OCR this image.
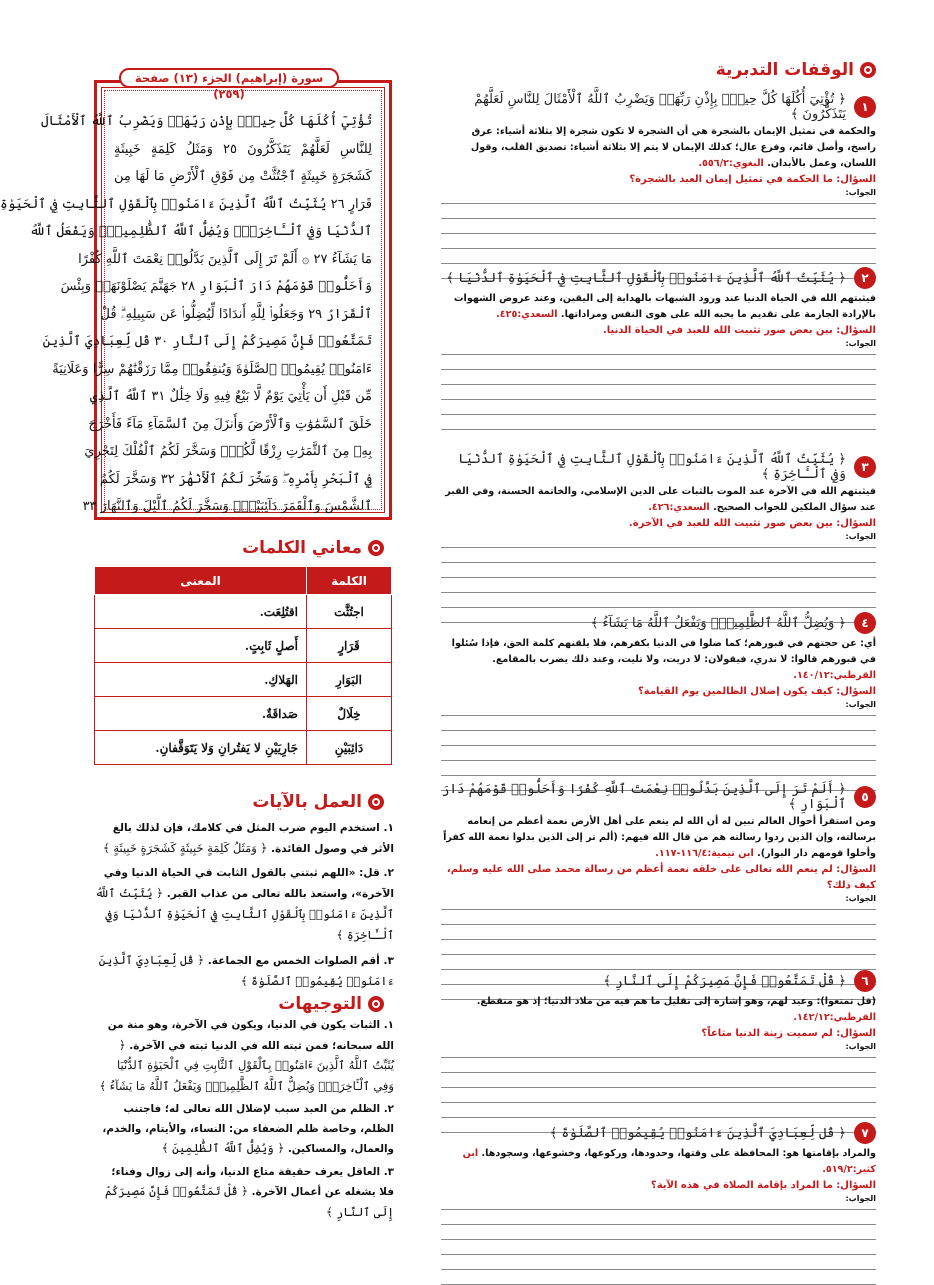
الوقفات التدبرية
١
﴿ تُؤْتِيٓ أُكُلَهَا كُلَّ حِينِۭ بِإِذْنِ رَبِّهَاۗ وَيَضْرِبُ ٱللَّهُ ٱلْأَمْثَالَ لِلنَّاسِ لَعَلَّهُمْ يَتَذَكَّرُونَ ﴾

والحكمة في تمثيل الإيمان بالشجرة هي أن الشجرة لا تكون شجرة إلا بثلاثة أشياء: عرق راسخ، وأصل قائم، وفرع عال؛ كذلك الإيمان لا يتم إلا بثلاثة أشياء: تصديق القلب، وقول اللسان، وعمل بالأبدان. البغوي:٥٥٦/٢.

السؤال: ما الحكمة في تمثيل إيمان العبد بالشجرة؟

الجواب:

٢
﴿ يُثَبِّتُ ٱللَّهُ ٱلَّذِينَ ءَامَنُوا۟ بِٱلْقَوْلِ ٱلثَّابِتِ فِي ٱلْحَيَوٰةِ ٱلدُّنْيَا ﴾

فيثبتهم الله في الحياة الدنيا عند ورود الشبهات بالهداية إلى اليقين، وعند عروض الشهوات بالإرادة الجازمة على تقديم ما يحبه الله على هوى النفس ومراداتها. السعدي:٤٢٥.

السؤال: بين بعض صور تثبيت الله للعبد في الحياة الدنيا.

الجواب:

٣
﴿ يُثَبِّتُ ٱللَّهُ ٱلَّذِينَ ءَامَنُوا۟ بِٱلْقَوْلِ ٱلثَّابِتِ فِي ٱلْحَيَوٰةِ ٱلدُّنْيَا وَفِي ٱلْـَٔاخِرَةِ ﴾

فيثبتهم الله في الآخرة عند الموت بالثبات على الدين الإسلامي، والخاتمة الحسنة، وفي القبر عند سؤال الملكين للجواب الصحيح. السعدي:٤٢٦.

السؤال: بين بعض صور تثبيت الله للعبد في الآخرة.

الجواب:

٤
﴿ وَيُضِلُّ ٱللَّهُ ٱلظَّٰلِمِينَۚ وَيَفْعَلُ ٱللَّهُ مَا يَشَآءُ ﴾

أي: عن حجتهم في قبورهم؛ كما ضلوا في الدنيا بكفرهم، فلا يلقنهم كلمة الحق، فإذا سُئلوا في قبورهم قالوا: لا ندري، فيقولان: لا دريت، ولا تليت، وعند ذلك يضرب بالمقامع. القرطبي:١٤٠/١٢.

السؤال: كيف يكون إضلال الظالمين يوم القيامة؟

الجواب:

٥
﴿ أَلَمْ تَرَ إِلَى ٱلَّذِينَ بَدَّلُوا۟ نِعْمَتَ ٱللَّهِ كُفْرًا وَأَحَلُّوا۟ قَوْمَهُمْ دَارَ ٱلْبَوَارِ ﴾

ومن استقرأ أحوال العالم تبين له أن الله لم ينعم على أهل الأرض نعمة أعظم من إنعامه برسالته، وإن الذين ردوا رسالته هم من قال الله فيهم: (ألم تر إلى الذين بدلوا نعمة الله كفراً وأحلوا قومهم دار البوار). ابن تيمية:١١٦/٤-١١٧.

السؤال: لم ينعم الله تعالى على خلقه نعمة أعظم من رسالة محمد صلى الله عليه وسلم، كيف ذلك؟

الجواب:

٦
﴿ قُلْ تَمَتَّعُوا۟ فَإِنَّ مَصِيرَكُمْ إِلَى ٱلنَّارِ ﴾

(قل تمتعوا): وعيد لهم، وهو إشارة إلى تقليل ما هم فيه من ملاذ الدنيا؛ إذ هو منقطع. القرطبي:١٤٢/١٢.

السؤال: لم سميت زينة الدنيا متاعاً؟

الجواب:

٧
﴿ قُل لِّعِبَادِيَ ٱلَّذِينَ ءَامَنُوا۟ يُقِيمُوا۟ ٱلصَّلَوٰةَ ﴾

والمراد بإقامتها هو: المحافظة على وقتها، وحدودها، وركوعها، وخشوعها، وسجودها. ابن كثير:٥١٩/٢.

السؤال: ما المراد بإقامة الصلاة في هذه الآية؟

الجواب:

سورة (إبراهيم) الجزء (١٣) صفحة (٢٥٩)
تُؤْتِيٓ أُكُلَهَا كُلَّ حِينِۭ بِإِذْنِ رَبِّهَاۗ وَيَضْرِبُ ٱللَّهُ ٱلْأَمْثَالَ
لِلنَّاسِ لَعَلَّهُمْ يَتَذَكَّرُونَ ٢٥ وَمَثَلُ كَلِمَةٍ خَبِيثَةٍ
كَشَجَرَةٍ خَبِيثَةٍ ٱجْتُثَّتْ مِن فَوْقِ ٱلْأَرْضِ مَا لَهَا مِن
قَرَارٍ ٢٦ يُثَبِّتُ ٱللَّهُ ٱلَّذِينَ ءَامَنُوا۟ بِٱلْقَوْلِ ٱلثَّابِتِ فِي ٱلْحَيَوٰةِ
ٱلدُّنْيَا وَفِي ٱلْـَٔاخِرَةِۖ وَيُضِلُّ ٱللَّهُ ٱلظَّٰلِمِينَۚ وَيَفْعَلُ ٱللَّهُ
مَا يَشَآءُ ٢٧ ۞ أَلَمْ تَرَ إِلَى ٱلَّذِينَ بَدَّلُوا۟ نِعْمَتَ ٱللَّهِ كُفْرًا
وَأَحَلُّوا۟ قَوْمَهُمْ دَارَ ٱلْبَوَارِ ٢٨ جَهَنَّمَ يَصْلَوْنَهَاۖ وَبِئْسَ
ٱلْقَرَارُ ٢٩ وَجَعَلُوا۟ لِلَّهِ أَندَادًا لِّيُضِلُّوا۟ عَن سَبِيلِهِۦۗ قُلْ
تَمَتَّعُوا۟ فَإِنَّ مَصِيرَكُمْ إِلَى ٱلنَّارِ ٣٠ قُل لِّعِبَادِيَ ٱلَّذِينَ
ءَامَنُوا۟ يُقِيمُوا۟ ٱلصَّلَوٰةَ وَيُنفِقُوا۟ مِمَّا رَزَقْنَٰهُمْ سِرًّا وَعَلَانِيَةً
مِّن قَبْلِ أَن يَأْتِيَ يَوْمٌ لَّا بَيْعٌ فِيهِ وَلَا خِلَٰلٌ ٣١ ٱللَّهُ ٱلَّذِي
خَلَقَ ٱلسَّمَٰوَٰتِ وَٱلْأَرْضَ وَأَنزَلَ مِنَ ٱلسَّمَآءِ مَآءً فَأَخْرَجَ
بِهِۦ مِنَ ٱلثَّمَرَٰتِ رِزْقًا لَّكُمْۖ وَسَخَّرَ لَكُمُ ٱلْفُلْكَ لِتَجْرِيَ
فِي ٱلْبَحْرِ بِأَمْرِهِۦۖ وَسَخَّرَ لَكُمُ ٱلْأَنْهَٰرَ ٣٢ وَسَخَّرَ لَكُمُ
ٱلشَّمْسَ وَٱلْقَمَرَ دَآئِبَيْنِۖ وَسَخَّرَ لَكُمُ ٱلَّيْلَ وَٱلنَّهَارَ ٣٣
معاني الكلمات
الكلمة	المعنى
اجتُثَّت	اقتُلِعَت.
قَرَارٍ	أَصلٍ ثَابِتٍ.
البَوَارِ	الهَلاكِ.
خِلَالٌ	صَداقَةٌ.
دَائِبَيْنِ	جَارِيَيْنِ لا يَفتُرانِ وَلا يَتَوَقَّفانِ.
العمل بالآيات

١. استخدم اليوم ضرب المثل في كلامك، فإن لذلك بالغ الأثر في وصول الفائدة. ﴿ وَمَثَلُ كَلِمَةٍ خَبِيثَةٍ كَشَجَرَةٍ خَبِيثَةٍ ﴾

٢. قل: «اللهم ثبتني بالقول الثابت في الحياة الدنيا وفي الآخرة»، واستعذ بالله تعالى من عذاب القبر. ﴿ يُثَبِّتُ ٱللَّهُ ٱلَّذِينَ ءَامَنُوا۟ بِٱلْقَوْلِ ٱلثَّابِتِ فِي ٱلْحَيَوٰةِ ٱلدُّنْيَا وَفِي ٱلْـَٔاخِرَةِ ﴾

٣. أقم الصلوات الخمس مع الجماعة. ﴿ قُل لِّعِبَادِيَ ٱلَّذِينَ ءَامَنُوا۟ يُقِيمُوا۟ ٱلصَّلَوٰةَ ﴾

التوجيهات

١. الثبات يكون في الدنيا، ويكون في الآخرة، وهو منة من الله سبحانه؛ فمن ثبته الله في الدنيا ثبته في الآخرة. ﴿ يُثَبِّتُ ٱللَّهُ ٱلَّذِينَ ءَامَنُوا۟ بِٱلْقَوْلِ ٱلثَّابِتِ فِي ٱلْحَيَوٰةِ ٱلدُّنْيَا وَفِي ٱلْـَٔاخِرَةِۖ وَيُضِلُّ ٱللَّهُ ٱلظَّٰلِمِينَۚ وَيَفْعَلُ ٱللَّهُ مَا يَشَآءُ ﴾

٢. الظلم من العبد سبب لإضلال الله تعالى له؛ فاجتنب الظلم، وخاصة ظلم الضعفاء من: النساء، والأيتام، والخدم، والعمال، والمساكين. ﴿ وَيُضِلُّ ٱللَّهُ ٱلظَّٰلِمِينَ ﴾

٣. العاقل يعرف حقيقة متاع الدنيا، وأنه إلى زوال وفناء؛ فلا يشغله عن أعمال الآخرة. ﴿ قُلْ تَمَتَّعُوا۟ فَإِنَّ مَصِيرَكُمْ إِلَى ٱلنَّارِ ﴾
